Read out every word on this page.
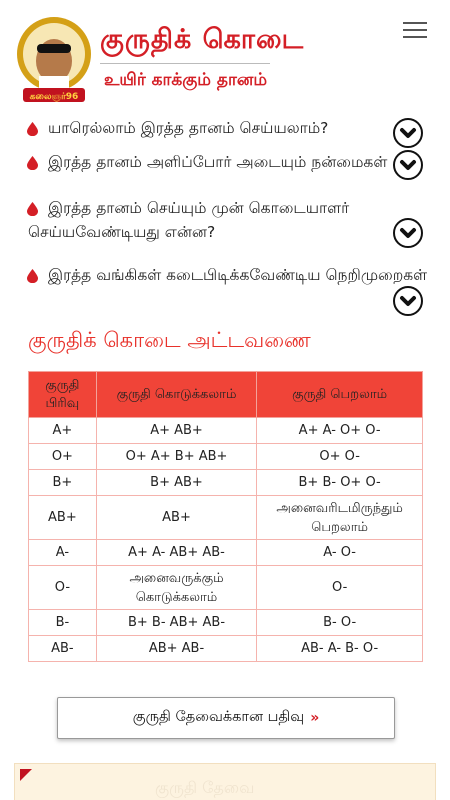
கலைஞர்96
குருதிக் கொடை
உயிர் காக்கும் தானம்
யாரெல்லாம் இரத்த தானம் செய்யலாம்?
இரத்த தானம் அளிப்போர் அடையும் நன்மைகள்
இரத்த தானம் செய்யும் முன் கொடையாளர் செய்யவேண்டியது என்ன?
இரத்த வங்கிகள் கடைபிடிக்கவேண்டிய நெறிமுறைகள்
குருதிக் கொடை அட்டவணை
குருதி பிரிவு	குருதி கொடுக்கலாம்	குருதி பெறலாம்
A+	A+ AB+	A+ A- O+ O-
O+	O+ A+ B+ AB+	O+ O-
B+	B+ AB+	B+ B- O+ O-
AB+	AB+	அனைவரிடமிருந்தும் பெறலாம்
A-	A+ A- AB+ AB-	A- O-
O-	அனைவருக்கும் கொடுக்கலாம்	O-
B-	B+ B- AB+ AB-	B- O-
AB-	AB+ AB-	AB- A- B- O-
குருதி தேவைக்கான பதிவு »
குருதி தேவை
